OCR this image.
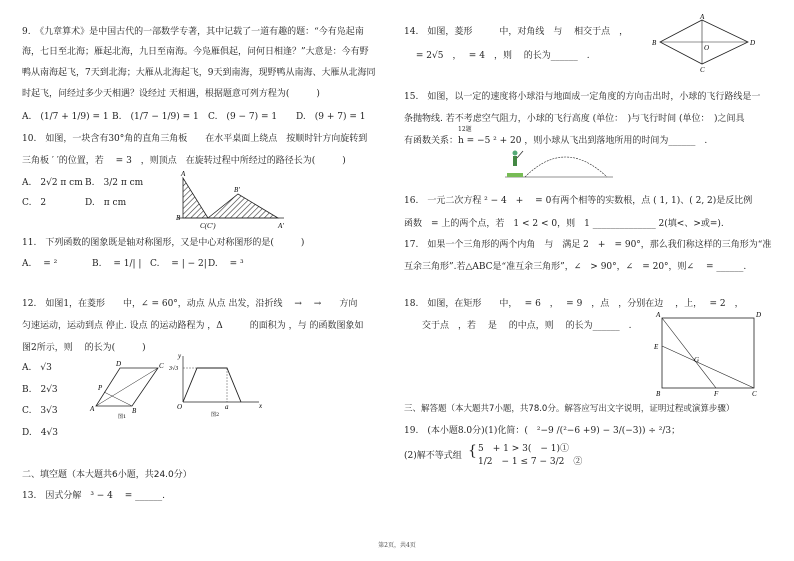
9.　《九章算术》是中国古代的一部数学专著，其中记载了一道有趣的题：“今有凫起南
海，七日至北海；雁起北海，九日至南海。今凫雁俱起，问何日相逢？”大意是：今有野
鸭从南海起飞，7天到北海；大雁从北海起飞，9天到南海，现野鸭从南海、大雁从北海同
时起飞，问经过多少天相遇？设经过 天相遇，根据题意可列方程为(　　　)
A.　(1/7 + 1/9) = 1 B.　(1/7 − 1/9) = 1 C.　(9 − 7) = 1 D.　(9 + 7) = 1
10.　如图，一块含有30°角的直角三角板　　在水平桌面上绕点　按顺时针方向旋转到
三角板 ′ ′的位置，若　 = 3　，则顶点　在旋转过程中所经过的路径长为(　　　)
A.　2√2 π cm B.　3/2 π cm
C.　2	D.　π cm
A
B′
B
C(C′)	A′
11.　下列函数的图象既是轴对称图形，又是中心对称图形的是(　　　)
A.　 = ²	B.　 = 1/| | C.　 = | − 2| D.　 = ³
12.　如图1，在菱形　　中，∠ = 60°，动点 从点 出发，沿折线　 →　 →　　方向
匀速运动，运动到点 停止. 设点 的运动路程为 ，Δ　　　的面积为 ，与 的函数图象如
图2所示，则　 的长为(　　　)
A.　√3
B.　2√3
C.　3√3
D.　4√3
D	C
A	B
P
图1
y
3√3
O	a	x
图2
二、填空题（本大题共6小题，共24.0分）
13.　因式分解　³ − 4　 = ______.
14.　如图，菱形　　　中，对角线　与　 相交于点　，
　 = 2√5　，　 = 4　，则　 的长为______　.
A
B
O
D
C
15.　如图，以一定的速度将小球沿与地面成一定角度的方向击出时，小球的飞行路线是一
条抛物线. 若不考虑空气阻力，小球的飞行高度 (单位：　)与飞行时间 (单位：　)之间具
有函数关系：h = −5 ² + 20 ，则小球从飞出到落地所用的时间为______　.
12题
16.　一元二次方程 ² − 4　+　 = 0有两个相等的实数根，点 ( 1, 1)、( 2, 2)是反比例
函数　= 上的两个点，若　1 < 2 < 0，则　1 ______________ 2(填<、>或=).
17.　如果一个三角形的两个内角　与　满足 2　+　= 90°，那么我们称这样的三角形为“准
互余三角形”.若△ABC是“准互余三角形”，∠　> 90°，∠　= 20°，则∠　 = ______.
18.　如图，在矩形　　中，　 = 6　，　 = 9　，点　，分别在边　 ，上，　 = 2　，
　　交于点　，若　 是　 的中点，则　 的长为______　.
A	D
E
G
B	F	C
三、解答题（本大题共7小题，共78.0分。解答应写出文字说明，证明过程或演算步骤）
19.　(本小题8.0分)(1)化简：(　²−9 /(²−6 +9) − 3/(−3)) ÷ ²/3；
(2)解不等式组 { 5　+ 1 > 3(　− 1)①
1/2　− 1 ≤ 7 − 3/2　②
第2页，共4页
